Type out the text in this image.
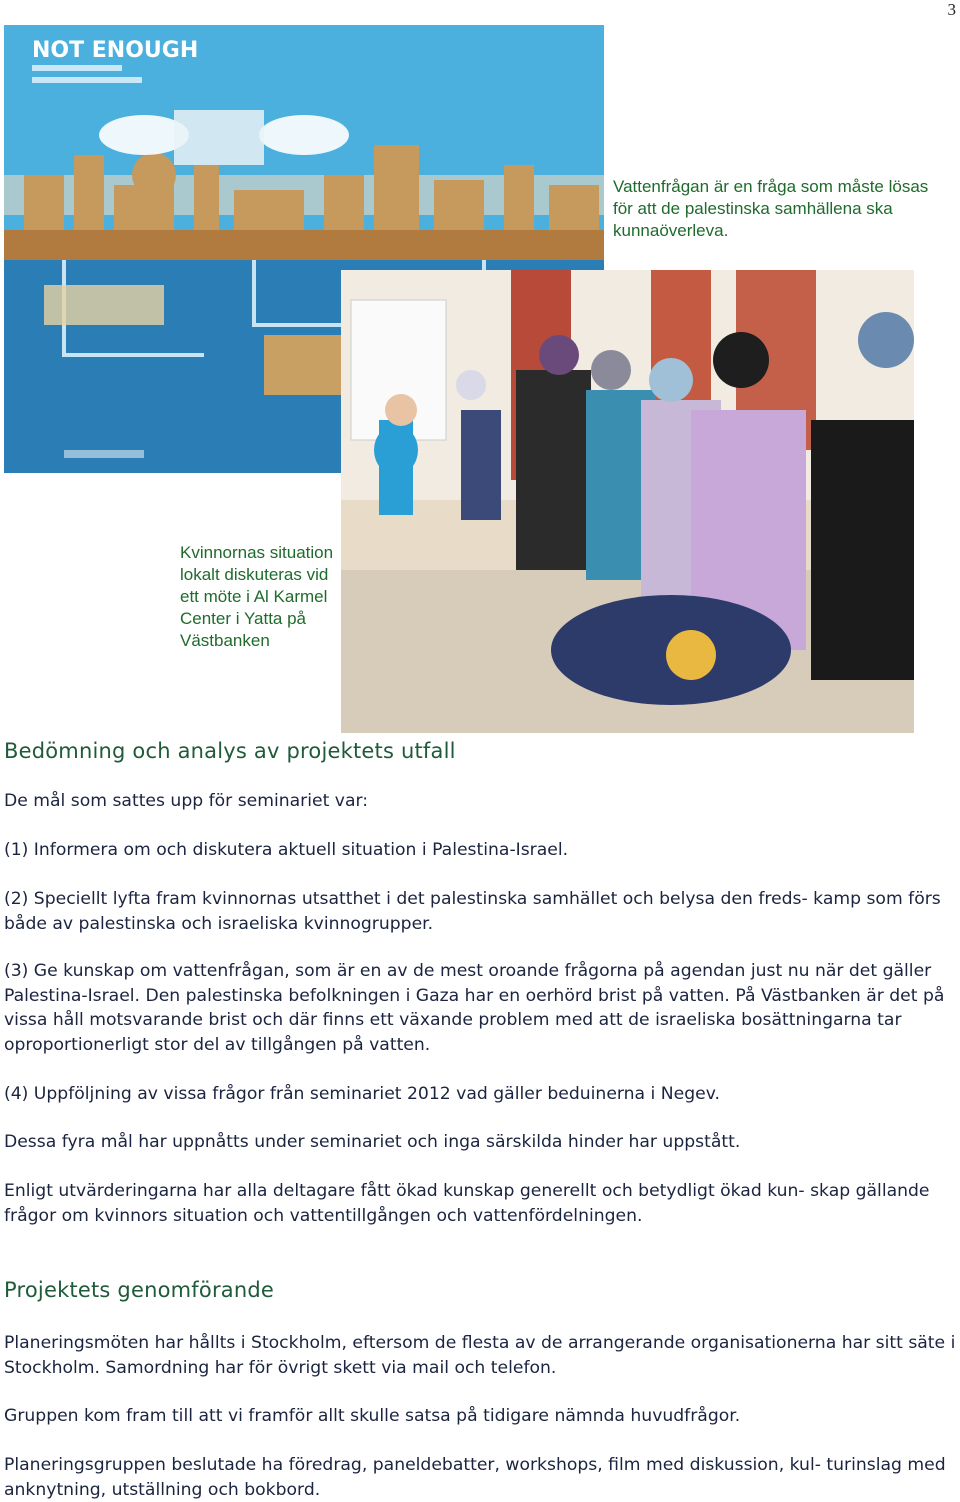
3
NOT ENOUGH

Vattenfrågan är en fråga som måste lösas för att de palestinska samhällena ska kunnaöverleva.

Kvinnornas situation lokalt diskuteras vid ett möte i Al Karmel Center i Yatta på Västbanken

Bedömning och analys av projektets utfall

De mål som sattes upp för seminariet var:

(1) Informera om och diskutera aktuell situation i Palestina-Israel.

(2) Speciellt lyfta fram kvinnornas utsatthet i det palestinska samhället och belysa den freds- kamp som förs både av palestinska och israeliska kvinnogrupper.

(3) Ge kunskap om vattenfrågan, som är en av de mest oroande frågorna på agendan just nu när det gäller Palestina-Israel. Den palestinska befolkningen i Gaza har en oerhörd brist på vatten. På Västbanken är det på vissa håll motsvarande brist och där finns ett växande problem med att de israeliska bosättningarna tar oproportionerligt stor del av tillgången på vatten.

(4) Uppföljning av vissa frågor från seminariet 2012 vad gäller beduinerna i Negev.

Dessa fyra mål har uppnåtts under seminariet och inga särskilda hinder har uppstått.

Enligt utvärderingarna har alla deltagare fått ökad kunskap generellt och betydligt ökad kun- skap gällande frågor om kvinnors situation och vattentillgången och vattenfördelningen.

Projektets genomförande

Planeringsmöten har hållts i Stockholm, eftersom de flesta av de arrangerande organisationerna har sitt säte i Stockholm. Samordning har för övrigt skett via mail och telefon.

Gruppen kom fram till att vi framför allt skulle satsa på tidigare nämnda huvudfrågor.

Planeringsgruppen beslutade ha föredrag, paneldebatter, workshops, film med diskussion, kul- turinslag med anknytning, utställning och bokbord.
